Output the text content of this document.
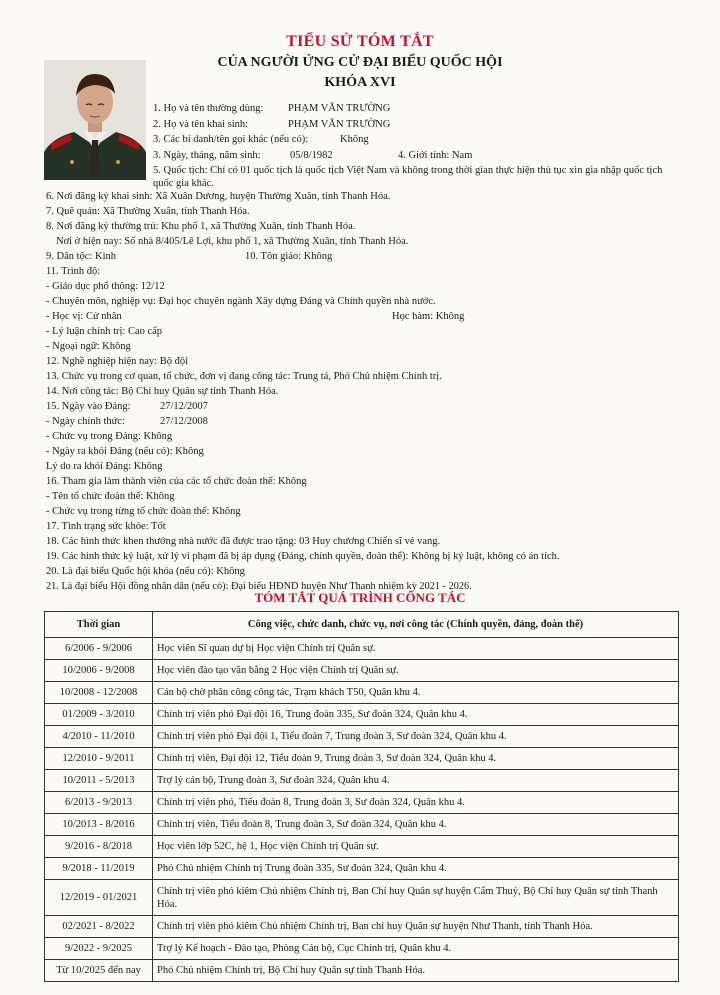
TIỂU SỬ TÓM TẮT
CỦA NGƯỜI ỨNG CỬ ĐẠI BIỂU QUỐC HỘI
KHÓA XVI
1. Họ và tên thường dùng: PHẠM VĂN TRƯỜNG
2. Họ và tên khai sinh:	PHẠM VĂN TRƯỜNG
3. Các bí danh/tên gọi khác (nếu có):	Không
3. Ngày, tháng, năm sinh:	05/8/1982	4. Giới tính: Nam
5. Quốc tịch: Chỉ có 01 quốc tịch là quốc tịch Việt Nam và không trong thời gian thực hiện thủ tục xin gia nhập quốc tịch
quốc gia khác.
6. Nơi đăng ký khai sinh: Xã Xuân Dương, huyện Thường Xuân, tỉnh Thanh Hóa.
7. Quê quán: Xã Thường Xuân, tỉnh Thanh Hóa.
8. Nơi đăng ký thường trú: Khu phố 1, xã Thường Xuân, tỉnh Thanh Hóa.
Nơi ở hiện nay: Số nhà 8/405/Lê Lợi, khu phố 1, xã Thường Xuân, tỉnh Thanh Hóa.
9. Dân tộc: Kinh	10. Tôn giáo: Không
11. Trình độ:
- Giáo dục phổ thông: 12/12
- Chuyên môn, nghiệp vụ: Đại học chuyên ngành Xây dựng Đảng và Chính quyền nhà nước.
- Học vị: Cử nhân	Học hàm: Không
- Lý luận chính trị: Cao cấp
- Ngoại ngữ: Không
12. Nghề nghiệp hiện nay: Bộ đội
13. Chức vụ trong cơ quan, tổ chức, đơn vị đang công tác: Trung tá, Phó Chủ nhiệm Chính trị.
14. Nơi công tác: Bộ Chỉ huy Quân sự tỉnh Thanh Hóa.
15. Ngày vào Đảng:	27/12/2007
- Ngày chính thức:	27/12/2008
- Chức vụ trong Đảng: Không
- Ngày ra khỏi Đảng (nếu có): Không
Lý do ra khỏi Đảng: Không
16. Tham gia làm thành viên của các tổ chức đoàn thể: Không
- Tên tổ chức đoàn thể: Không
- Chức vụ trong từng tổ chức đoàn thể: Không
17. Tình trạng sức khỏe: Tốt
18. Các hình thức khen thưởng nhà nước đã được trao tặng: 03 Huy chương Chiến sĩ vẻ vang.
19. Các hình thức kỷ luật, xử lý vi phạm đã bị áp dụng (Đảng, chính quyền, đoàn thể): Không bị kỷ luật, không có án tích.
20. Là đại biểu Quốc hội khóa (nếu có): Không
21. Là đại biểu Hội đồng nhân dân (nếu có): Đại biểu HĐND huyện Như Thanh nhiệm kỳ 2021 - 2026.
TÓM TẮT QUÁ TRÌNH CÔNG TÁC
Thời gian	Công việc, chức danh, chức vụ, nơi công tác (Chính quyền, đảng, đoàn thể)
6/2006 - 9/2006	Học viên Sĩ quan dự bị Học viện Chính trị Quân sự.
10/2006 - 9/2008	Học viên đào tạo văn bằng 2 Học viện Chính trị Quân sự.
10/2008 - 12/2008	Cán bộ chờ phân công công tác, Trạm khách T50, Quân khu 4.
01/2009 - 3/2010	Chính trị viên phó Đại đội 16, Trung đoàn 335, Sư đoàn 324, Quân khu 4.
4/2010 - 11/2010	Chính trị viên phó Đại đội 1, Tiểu đoàn 7, Trung đoàn 3, Sư đoàn 324, Quân khu 4.
12/2010 - 9/2011	Chính trị viên, Đại đội 12, Tiểu đoàn 9, Trung đoàn 3, Sư đoàn 324, Quân khu 4.
10/2011 - 5/2013	Trợ lý cán bộ, Trung đoàn 3, Sư đoàn 324, Quân khu 4.
6/2013 - 9/2013	Chính trị viên phó, Tiểu đoàn 8, Trung đoàn 3, Sư đoàn 324, Quân khu 4.
10/2013 - 8/2016	Chính trị viên, Tiểu đoàn 8, Trung đoàn 3, Sư đoàn 324, Quân khu 4.
9/2016 - 8/2018	Học viên lớp 52C, hệ 1, Học viện Chính trị Quân sự.
9/2018 - 11/2019	Phó Chủ nhiệm Chính trị Trung đoàn 335, Sư đoàn 324, Quân khu 4.
12/2019 - 01/2021	Chính trị viên phó kiêm Chủ nhiệm Chính trị, Ban Chỉ huy Quân sự huyện Cẩm Thuỷ, Bộ Chỉ huy Quân sự tỉnh Thanh Hóa.
02/2021 - 8/2022	Chính trị viên phó kiêm Chủ nhiệm Chính trị, Ban chỉ huy Quân sự huyện Như Thanh, tỉnh Thanh Hóa.
9/2022 - 9/2025	Trợ lý Kế hoạch - Đào tạo, Phòng Cán bộ, Cục Chính trị, Quân khu 4.
Từ 10/2025 đến nay	Phó Chủ nhiệm Chính trị, Bộ Chỉ huy Quân sự tỉnh Thanh Hóa.
